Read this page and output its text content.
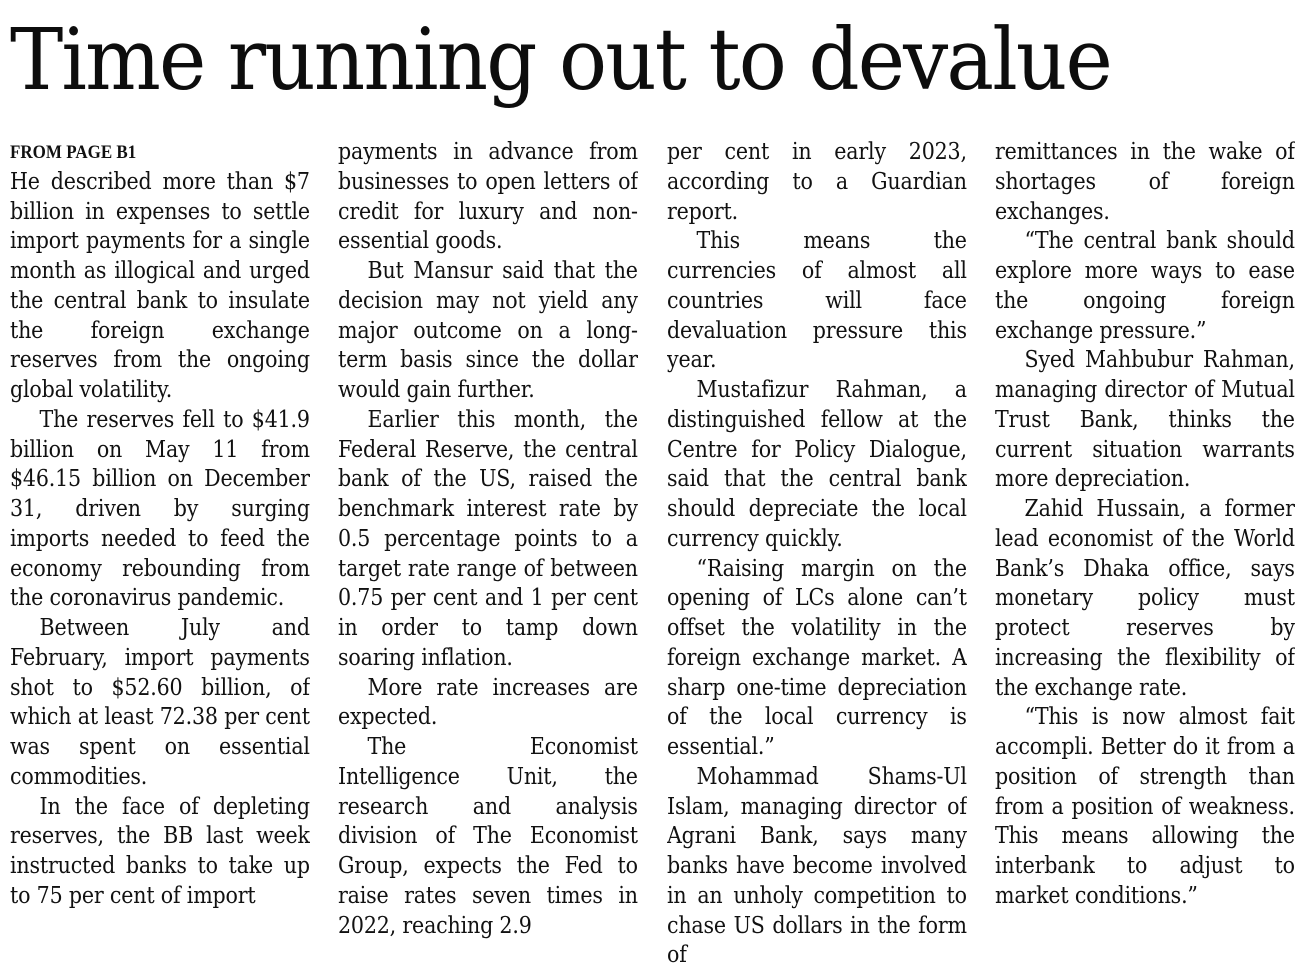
Time running out to devalue
FROM PAGE B1

He described more than $7 billion in expenses to settle import payments for a single month as illogical and urged the central bank to insulate the foreign exchange reserves from the ongoing global volatility.

The reserves fell to $41.9 billion on May 11 from $46.15 billion on December 31, driven by surging imports needed to feed the economy rebounding from the coronavirus pandemic.

Between July and February, import payments shot to $52.60 billion, of which at least 72.38 per cent was spent on essential commodities.

In the face of depleting reserves, the BB last week instructed banks to take up to 75 per cent of import

payments in advance from businesses to open letters of credit for luxury and non-essential goods.

But Mansur said that the decision may not yield any major outcome on a long-term basis since the dollar would gain further.

Earlier this month, the Federal Reserve, the central bank of the US, raised the benchmark interest rate by 0.5 percentage points to a target rate range of between 0.75 per cent and 1 per cent in order to tamp down soaring inflation.

More rate increases are expected.

The Economist Intelligence Unit, the research and analysis division of The Economist Group, expects the Fed to raise rates seven times in 2022, reaching 2.9

per cent in early 2023, according to a Guardian report.

This means the currencies of almost all countries will face devaluation pressure this year.

Mustafizur Rahman, a distinguished fellow at the Centre for Policy Dialogue, said that the central bank should depreciate the local currency quickly.

“Raising margin on the opening of LCs alone can’t offset the volatility in the foreign exchange market. A sharp one-time depreciation of the local currency is essential.”

Mohammad Shams-Ul Islam, managing director of Agrani Bank, says many banks have become involved in an unholy competition to chase US dollars in the form of

remittances in the wake of shortages of foreign exchanges.

“The central bank should explore more ways to ease the ongoing foreign exchange pressure.”

Syed Mahbubur Rahman, managing director of Mutual Trust Bank, thinks the current situation warrants more depreciation.

Zahid Hussain, a former lead economist of the World Bank’s Dhaka office, says monetary policy must protect reserves by increasing the flexibility of the exchange rate.

“This is now almost fait accompli. Better do it from a position of strength than from a position of weakness. This means allowing the interbank to adjust to market conditions.”
